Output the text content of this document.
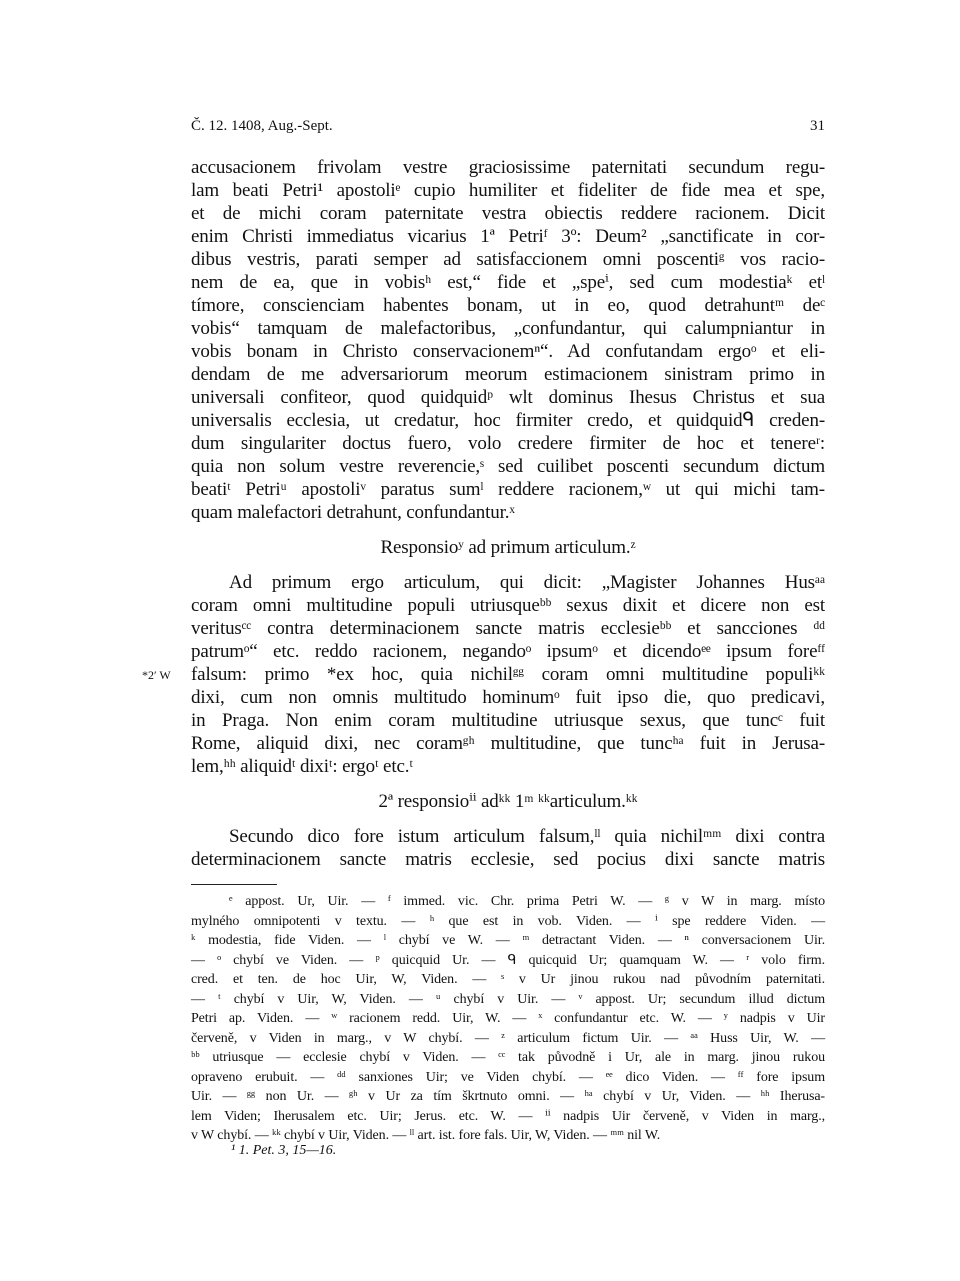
Č. 12. 1408, Aug.-Sept.	31
*2′ W
accusacionem frivolam vestre graciosissime paternitati secundum regu-
lam beati Petri¹ apostoliᵉ cupio humiliter et fideliter de fide mea et spe,
et de michi coram paternitate vestra obiectis reddere racionem. Dicit
enim Christi immediatus vicarius 1ª Petriᶠ 3º: Deum² „sanctificate in cor-
dibus vestris, parati semper ad satisfaccionem omni poscentiᵍ vos racio-
nem de ea, que in vobisʰ est,“ fide et „speⁱ, sed cum modestiaᵏ etˡ
tímore, conscienciam habentes bonam, ut in eo, quod detrahuntᵐ deᶜ
vobis“ tamquam de malefactoribus, „confundantur, qui calumpniantur in
vobis bonam in Christo conservacionemⁿ“. Ad confutandam ergoᵒ et eli-
dendam de me adversariorum meorum estimacionem sinistram primo in
universali confiteor, quod quidquidᵖ wlt dominus Ihesus Christus et sua
universalis ecclesia, ut credatur, hoc firmiter credo, et quidquidᑫ creden-
dum singulariter doctus fuero, volo credere firmiter de hoc et tenereʳ:
quia non solum vestre reverencie,ˢ sed cuilibet poscenti secundum dictum
beatiᵗ Petriᵘ apostoliᵛ paratus sumˡ reddere racionem,ʷ ut qui michi tam-
quam malefactori detrahunt, confundantur.ˣ
Responsioʸ ad primum articulum.ᶻ
Ad primum ergo articulum, qui dicit: „Magister Johannes Husᵃᵃ
coram omni multitudine populi utriusqueᵇᵇ sexus dixit et dicere non est
veritusᶜᶜ contra determinacionem sancte matris ecclesieᵇᵇ et sancciones ᵈᵈ
patrumᵒ“ etc. reddo racionem, negandoᵒ ipsumᵒ et dicendoᵉᵉ ipsum foreᶠᶠ
falsum: primo *ex hoc, quia nichilᵍᵍ coram omni multitudine populiᵏᵏ
dixi, cum non omnis multitudo hominumᵒ fuit ipso die, quo predicavi,
in Praga. Non enim coram multitudine utriusque sexus, que tuncᶜ fuit
Rome, aliquid dixi, nec coramᵍʰ multitudine, que tuncʰᵃ fuit in Jerusa-
lem,ʰʰ aliquidᵗ dixiᵗ: ergoᵗ etc.ᵗ
2ª responsioⁱⁱ adᵏᵏ 1ᵐ ᵏᵏarticulum.ᵏᵏ
Secundo dico fore istum articulum falsum,ˡˡ quia nichilᵐᵐ dixi contra
determinacionem sancte matris ecclesie, sed pocius dixi sancte matris
ᵉ appost. Ur, Uir. — ᶠ immed. vic. Chr. prima Petri W. — ᵍ v W in marg. místo
mylného omnipotenti v textu. — ʰ que est in vob. Viden. — ⁱ spe reddere Viden. —
ᵏ modestia, fide Viden. — ˡ chybí ve W. — ᵐ detractant Viden. — ⁿ conversacionem Uir.
— ᵒ chybí ve Viden. — ᵖ quicquid Ur. — ᑫ quicquid Ur; quamquam W. — ʳ volo firm.
cred. et ten. de hoc Uir, W, Viden. — ˢ v Ur jinou rukou nad původním paternitati.
— ᵗ chybí v Uir, W, Viden. — ᵘ chybí v Uir. — ᵛ appost. Ur; secundum illud dictum
Petri ap. Viden. — ʷ racionem redd. Uir, W. — ˣ confundantur etc. W. — ʸ nadpis v Uir
červeně, v Viden in marg., v W chybí. — ᶻ articulum fictum Uir. — ᵃᵃ Huss Uir, W. —
ᵇᵇ utriusque — ecclesie chybí v Viden. — ᶜᶜ tak původně i Ur, ale in marg. jinou rukou
opraveno erubuit. — ᵈᵈ sanxiones Uir; ve Viden chybí. — ᵉᵉ dico Viden. — ᶠᶠ fore ipsum
Uir. — ᵍᵍ non Ur. — ᵍʰ v Ur za tím škrtnuto omni. — ʰᵃ chybí v Ur, Viden. — ʰʰ Iherusa-
lem Viden; Iherusalem etc. Uir; Jerus. etc. W. — ⁱⁱ nadpis Uir červeně, v Viden in marg.,
v W chybí. — ᵏᵏ chybí v Uir, Viden. — ˡˡ art. ist. fore fals. Uir, W, Viden. — ᵐᵐ nil W.
¹ 1. Pet. 3, 15—16.
